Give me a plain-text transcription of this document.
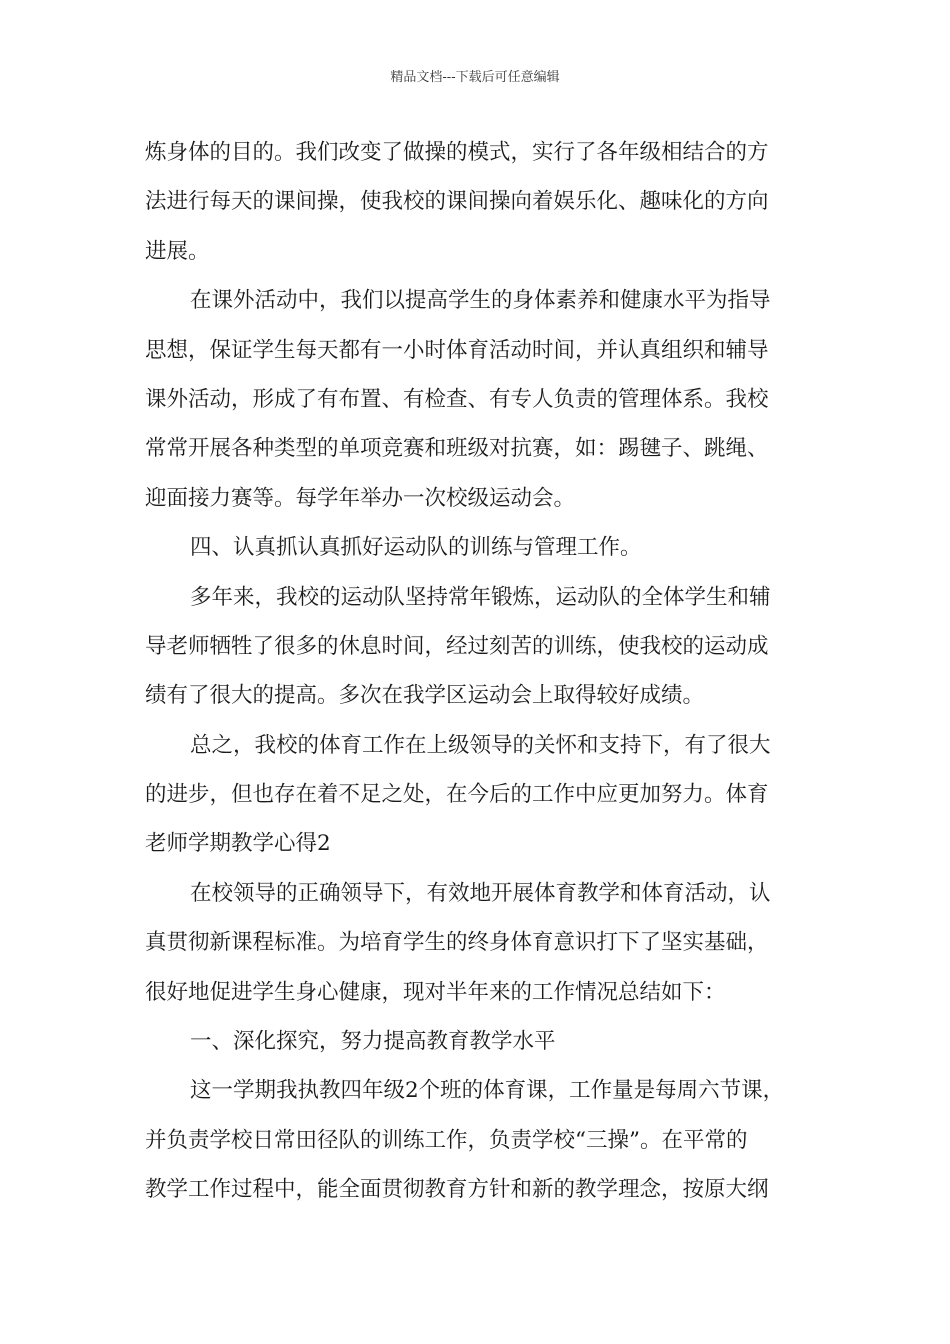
精品文档---下载后可任意编辑
炼身体的目的。我们改变了做操的模式，实行了各年级相结合的方
法进行每天的课间操，使我校的课间操向着娱乐化、趣味化的方向
进展。
在课外活动中，我们以提高学生的身体素养和健康水平为指导
思想，保证学生每天都有一小时体育活动时间，并认真组织和辅导
课外活动，形成了有布置、有检查、有专人负责的管理体系。我校
常常开展各种类型的单项竞赛和班级对抗赛，如：踢毽子、跳绳、
迎面接力赛等。每学年举办一次校级运动会。
四、认真抓认真抓好运动队的训练与管理工作。
多年来，我校的运动队坚持常年锻炼，运动队的全体学生和辅
导老师牺牲了很多的休息时间，经过刻苦的训练，使我校的运动成
绩有了很大的提高。多次在我学区运动会上取得较好成绩。
总之，我校的体育工作在上级领导的关怀和支持下，有了很大
的进步，但也存在着不足之处，在今后的工作中应更加努力。体育
老师学期教学心得2
在校领导的正确领导下，有效地开展体育教学和体育活动，认
真贯彻新课程标准。为培育学生的终身体育意识打下了坚实基础，
很好地促进学生身心健康，现对半年来的工作情况总结如下：
一、深化探究，努力提高教育教学水平
这一学期我执教四年级2个班的体育课，工作量是每周六节课，
并负责学校日常田径队的训练工作，负责学校“三操”。在平常的
教学工作过程中，能全面贯彻教育方针和新的教学理念，按原大纲
